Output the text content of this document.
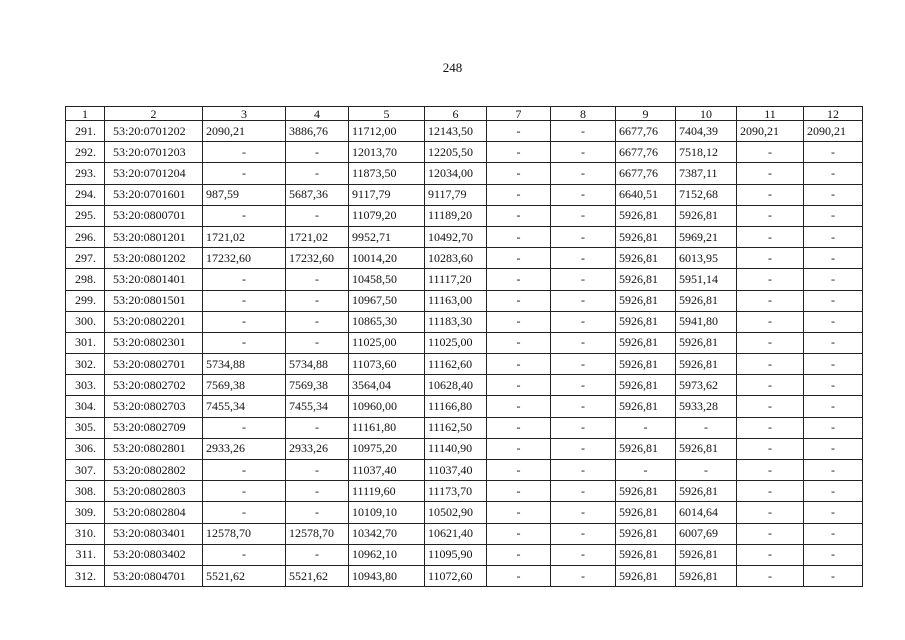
248
1	2	3	4	5	6	7	8	9	10	11	12
291.	53:20:0701202	2090,21	3886,76	11712,00	12143,50	-	-	6677,76	7404,39	2090,21	2090,21
292.	53:20:0701203	-	-	12013,70	12205,50	-	-	6677,76	7518,12	-	-
293.	53:20:0701204	-	-	11873,50	12034,00	-	-	6677,76	7387,11	-	-
294.	53:20:0701601	987,59	5687,36	9117,79	9117,79	-	-	6640,51	7152,68	-	-
295.	53:20:0800701	-	-	11079,20	11189,20	-	-	5926,81	5926,81	-	-
296.	53:20:0801201	1721,02	1721,02	9952,71	10492,70	-	-	5926,81	5969,21	-	-
297.	53:20:0801202	17232,60	17232,60	10014,20	10283,60	-	-	5926,81	6013,95	-	-
298.	53:20:0801401	-	-	10458,50	11117,20	-	-	5926,81	5951,14	-	-
299.	53:20:0801501	-	-	10967,50	11163,00	-	-	5926,81	5926,81	-	-
300.	53:20:0802201	-	-	10865,30	11183,30	-	-	5926,81	5941,80	-	-
301.	53:20:0802301	-	-	11025,00	11025,00	-	-	5926,81	5926,81	-	-
302.	53:20:0802701	5734,88	5734,88	11073,60	11162,60	-	-	5926,81	5926,81	-	-
303.	53:20:0802702	7569,38	7569,38	3564,04	10628,40	-	-	5926,81	5973,62	-	-
304.	53:20:0802703	7455,34	7455,34	10960,00	11166,80	-	-	5926,81	5933,28	-	-
305.	53:20:0802709	-	-	11161,80	11162,50	-	-	-	-	-	-
306.	53:20:0802801	2933,26	2933,26	10975,20	11140,90	-	-	5926,81	5926,81	-	-
307.	53:20:0802802	-	-	11037,40	11037,40	-	-	-	-	-	-
308.	53:20:0802803	-	-	11119,60	11173,70	-	-	5926,81	5926,81	-	-
309.	53:20:0802804	-	-	10109,10	10502,90	-	-	5926,81	6014,64	-	-
310.	53:20:0803401	12578,70	12578,70	10342,70	10621,40	-	-	5926,81	6007,69	-	-
311.	53:20:0803402	-	-	10962,10	11095,90	-	-	5926,81	5926,81	-	-
312.	53:20:0804701	5521,62	5521,62	10943,80	11072,60	-	-	5926,81	5926,81	-	-
